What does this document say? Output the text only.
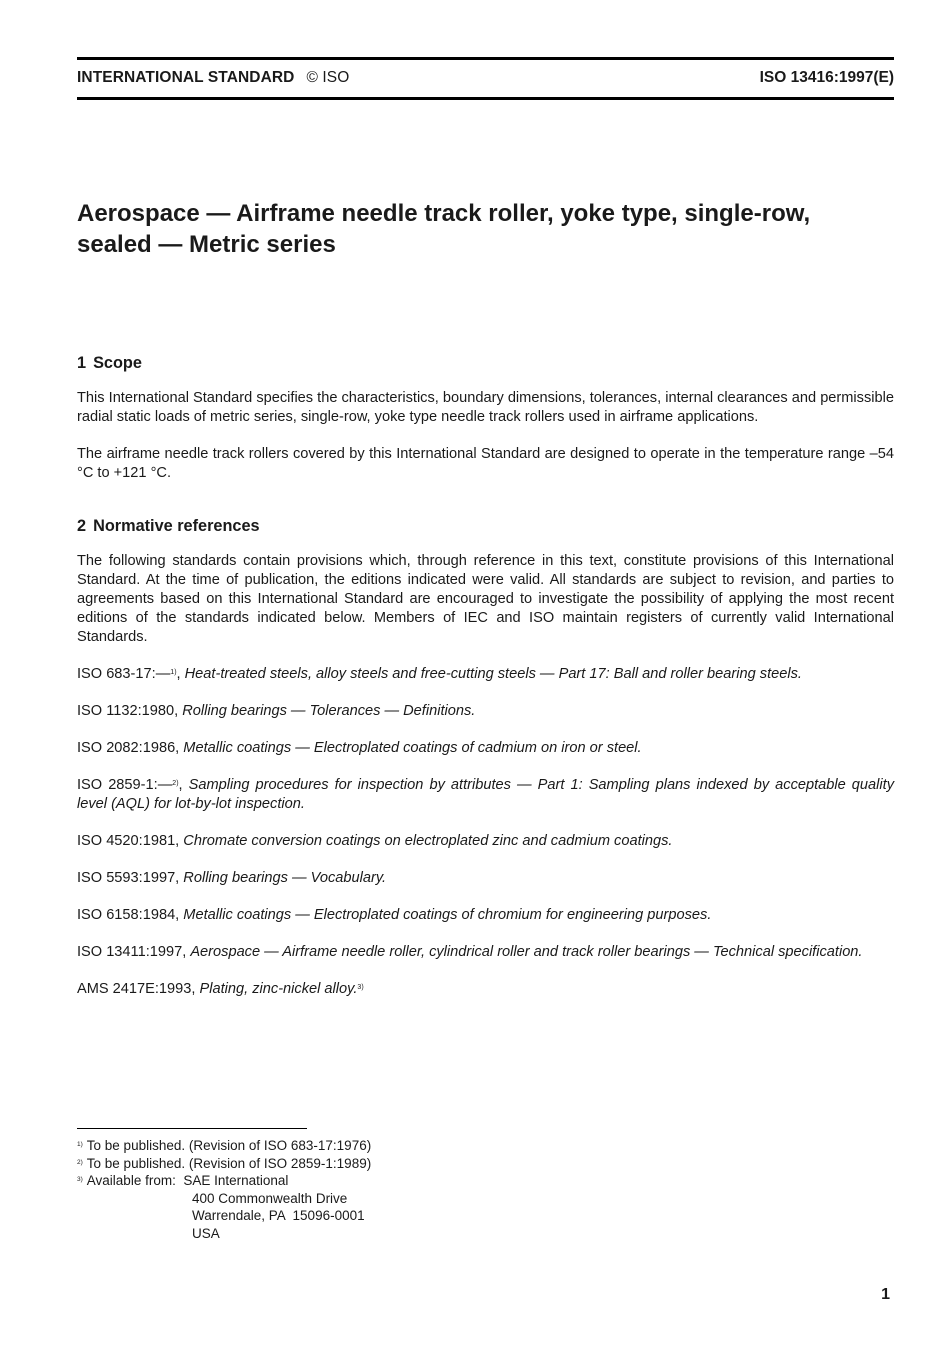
INTERNATIONAL STANDARD © ISO	ISO 13416:1997(E)
Aerospace — Airframe needle track roller, yoke type, single-row,
sealed — Metric series
1 Scope

This International Standard specifies the characteristics, boundary dimensions, tolerances, internal clearances and permissible radial static loads of metric series, single-row, yoke type needle track rollers used in airframe applications.

The airframe needle track rollers covered by this International Standard are designed to operate in the temperature range –54 °C to +121 °C.

2 Normative references

The following standards contain provisions which, through reference in this text, constitute provisions of this International Standard. At the time of publication, the editions indicated were valid. All standards are subject to revision, and parties to agreements based on this International Standard are encouraged to investigate the possibility of applying the most recent editions of the standards indicated below. Members of IEC and ISO maintain registers of currently valid International Standards.

ISO 683-17:—$^{1)}$, Heat-treated steels, alloy steels and free-cutting steels — Part 17: Ball and roller bearing steels.

ISO 1132:1980, Rolling bearings — Tolerances — Definitions.

ISO 2082:1986, Metallic coatings — Electroplated coatings of cadmium on iron or steel.

ISO 2859-1:—$^{2)}$, Sampling procedures for inspection by attributes — Part 1: Sampling plans indexed by acceptable quality level (AQL) for lot-by-lot inspection.

ISO 4520:1981, Chromate conversion coatings on electroplated zinc and cadmium coatings.

ISO 5593:1997, Rolling bearings — Vocabulary.

ISO 6158:1984, Metallic coatings — Electroplated coatings of chromium for engineering purposes.

ISO 13411:1997, Aerospace — Airframe needle roller, cylindrical roller and track roller bearings — Technical specification.

AMS 2417E:1993, Plating, zinc-nickel alloy.$^{3)}$

$^{1)}$ To be published. (Revision of ISO 683-17:1976)
$^{2)}$ To be published. (Revision of ISO 2859-1:1989)
$^{3)}$ Available from:  SAE International
400 Commonwealth Drive
Warrendale, PA  15096-0001
USA
1
